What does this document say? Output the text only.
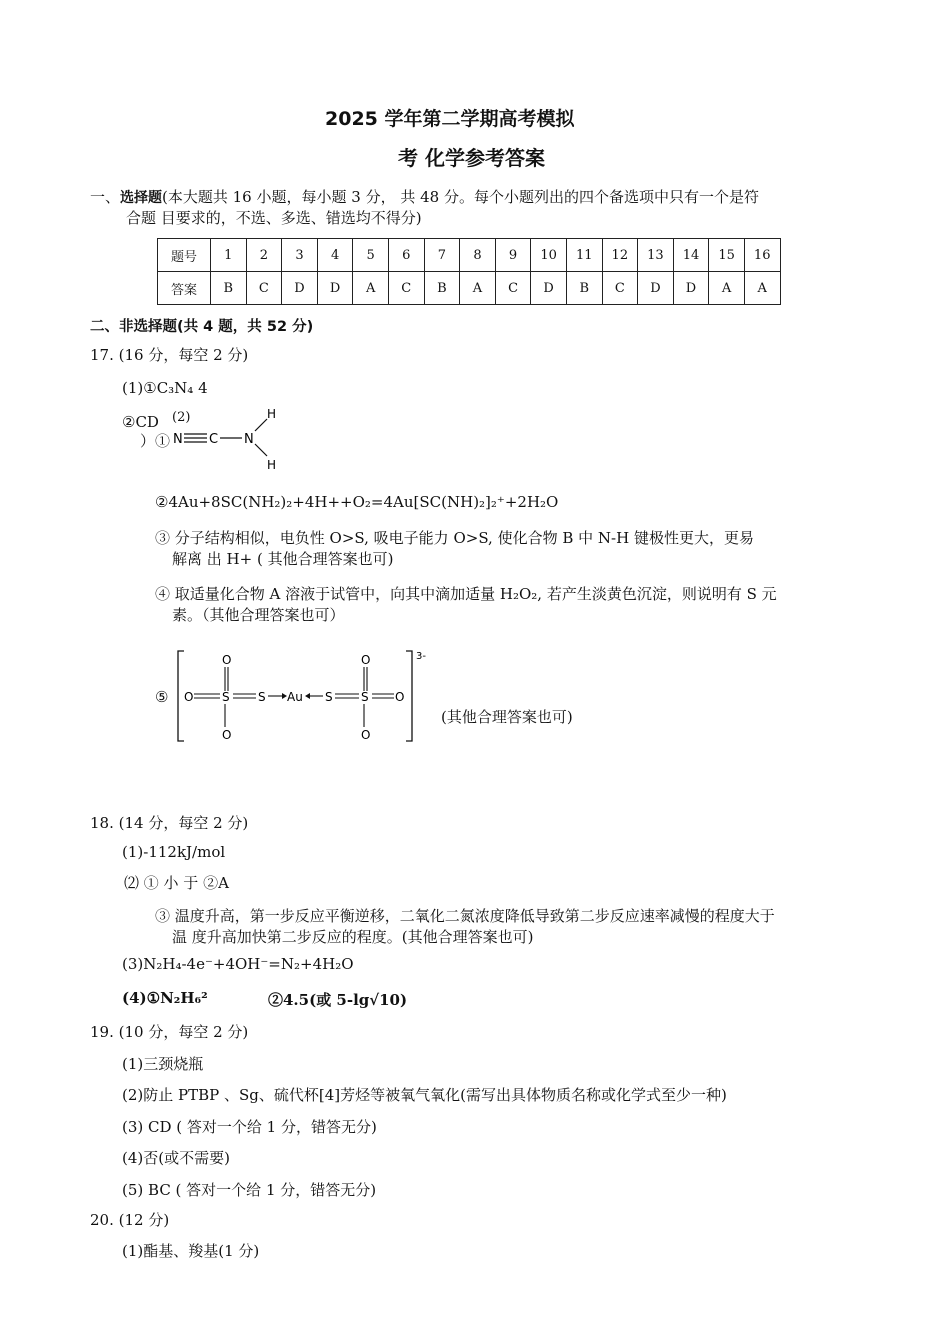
2025 学年第二学期高考模拟
考 化学参考答案
一、选择题(本大题共 16 小题，每小题 3 分， 共 48 分。每个小题列出的四个备选项中只有一个是符
合题 目要求的，不选、多选、错选均不得分)
题号	1	2	3	4	5	6	7	8	9	10	11	12	13	14	15	16
答案	B	C	D	D	A	C	B	A	C	D	B	C	D	D	A	A
二、非选择题(共 4 题，共 52 分)
17. (16 分，每空 2 分)
(1)①C₃N₄ 4
②CD (2)
）① N C N
H
H
②4Au+8SC(NH₂)₂+4H++O₂=4Au[SC(NH)₂]₂⁺+2H₂O
③ 分子结构相似，电负性 O>S, 吸电子能力 O>S, 使化合物 B 中 N-H 键极性更大，更易
解离 出 H+ ( 其他合理答案也可)
④ 取适量化合物 A 溶液于试管中，向其中滴加适量 H₂O₂, 若产生淡黄色沉淀，则说明有 S 元
素。（其他合理答案也可）
⑤
3-
O
O S
O
S Au S
O
S O
O
(其他合理答案也可)
18. (14 分，每空 2 分)
(1)-112kJ/mol
⑵ ① 小 于 ②A
③ 温度升高，第一步反应平衡逆移，二氧化二氮浓度降低导致第二步反应速率减慢的程度大于
温 度升高加快第二步反应的程度。(其他合理答案也可)
(3)N₂H₄-4e⁻+4OH⁻=N₂+4H₂O
(4)①N₂H₆²	②4.5(或 5-lg√10)
19. (10 分，每空 2 分)
(1)三颈烧瓶
(2)防止 PTBP 、Sg、硫代杯[4]芳烃等被氧气氧化(需写出具体物质名称或化学式至少一种)
(3) CD ( 答对一个给 1 分，错答无分)
(4)否(或不需要)
(5) BC ( 答对一个给 1 分，错答无分)
20. (12 分)
(1)酯基、羧基(1 分)
